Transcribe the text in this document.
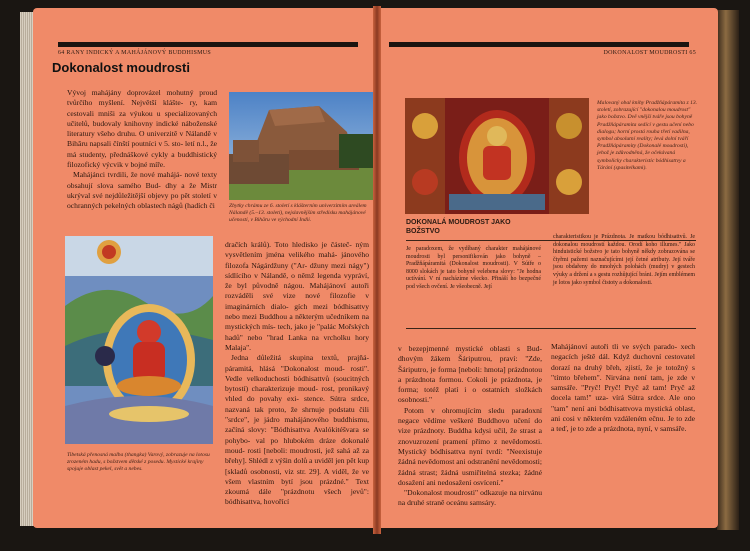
64 RANY INDICKÝ A MAHÁJÁNOVÝ BUDDHISMUS
Dokonalost moudrosti

Vývoj mahájány doprovázel mohutný proud tvůrčího myšlení. Největší klášte- ry, kam cestovali mniši za výukou u specializovaných učitelů, budovaly knihovny indické náboženské literatury všeho druhu. O univerzitě v Nálandě v Bihāru napsali čínští poutníci v 5. sto- letí n.l., že má studenty, přednáškové cykly a buddhistický filozofický výcvik v bojné míře.

Mahájánci tvrdili, že nové mahájá- nové texty obsahují slova samého Bud- dhy a že Mistr ukrýval své nejdůležitější objevy po pět století v ochranných pekelných oblastech nágů (hadích či	Zbytky chrámu ze 6. století s klášterním univerzitním areálem Nálandě (5.–13. století), nejslavnějším středisku mahájánové učenosti, v Bihāru ve východní Indii.
Tibetská přenosná malba (thangka) Varový, zobrazuje na lotosu zrozeném hadu, s božstvem dětské z posedu. Mystické krajiny spojuje oblast pekel, svět a nebes.

dračích králů). Toto hledisko je částeč- ným vysvětlením jména velikého mahá- jánového filozofa Nágárdžuny ("Ar- džuny mezi nágy") sídlícího v Nálandě, o němž legenda vypráví, že byl původně nágou. Mahájánoví autoři rozváděli své vize nové filozofie v imaginárních dialo- gích mezi bódhisattvy nebo mezi Buddhou a některým učedníkem na mystických mís- tech, jako je "palác Mořských hadů" nebo "hrad Lanka na vrcholku hory Malaja".

Jedna důležitá skupina textů, prajňá- páramitá, hlásá "Dokonalost moud- rosti". Vedle velkoduchosti bódhisattvů (soucitných bytostí) charakterizuje moud- rost, pronikavý vhled do povahy exi- stence. Sútra srdce, nazvaná tak proto, že shrnuje podstatu čili "srdce", je jádro mahájánového buddhismu, začíná slovy: "Bódhisattva Avalókitéšvara se pohybo- val po hlubokém dráze dokonalé moud- rosti [neboli: moudrosti, jež sahá až za břehy]. Shlédl z výšin dolů a uviděl jen pět kup [skladů osobnosti, viz str. 29]. A viděl, že ve všem vlastním bytí jsou prázdné." Text zkoumá dále "prázdnotu všech jevů": bódhisattva, hovořící

DOKONALOST MOUDROSTI 65
Malovaný obal knihy Pradžňápáramita z 13. století, zobrazující "dokonalou moudrost" jako božstvo. Dvě vnější tváře jsou bohyně Pradžňápáramita sedící v gestu učení nebo dialogu; horní prostá rouha třetí vadilna, symbol absolutní reality; levá dolní tváří Pradžňápáramity (Dokonalé moudrosti), jehož je zdůvodněná, že očekávaná symbolicky charakteristic bódhisattvy a Tárání (spasitelkami).
DOKONALÁ MOUDROST JAKO BOŽSTVO
Je paradoxem, že vydíbaný charakter mahájánové moudrosti byl personifikován jako bohyně – Pradžňápáramitá (Dokonalost moudrosti). V Sútře o 8000 slokách je tato bohyně velebena slovy: "Je hodna uctívání. V ní nacházíme všecko. Přináší ho bezpečné pod všech ovčení. Je všeobecně. Její
charakteristikou je Prázdnota. Je matkou bódhisattvů. Je dokonalou moudrostí každou. Orodí koho illumes." Jako hinduistické božstvo je tato bohyně někdy zobrazována se čtyřmi pažemi naznačujícími její četné atributy. Její tváře jsou obdařeny do mnohých polohách (mudry) v gestech výuky a držení a s gestu rozhůjující bráni. Jejím emblémem je lotos jako symbol čistoty a dokonalosti.

v bezepjmenné mystické oblasti s Bud- dhovým žákem Šáriputrou, praví: "Zde, Šáriputro, je forma [neboli: hmota] prázdnotou a prázdnota formou. Cokoli je prázdnota, je forma; totéž platí i o ostatních složkách osobnosti."

Potom v ohromujícím sledu paradoxní negace vědíme veškeré Buddhovo učení do vize prázdnoty. Buddha kdysi učil, že strast a znovuzrození pramení přímo z nevědomosti. Mystický bódhisattva nyní tvrdí: "Neexistuje žádná nevědomost ani odstranění nevědomosti; žádná strast; žádná usmiřitelná stezka; žádné dosažení ani nedosažení osvícení."

"Dokonalost moudrosti" odkazuje na nirvánu na druhé straně oceánu samsáry.

Mahájánoví autoři tli ve svých parado- xech negacích ještě dál. Když duchovní cestovatel dorazí na druhý břeh, zjistí, že je totožný s "tímto břehem". Nirvána není tam, je zde v samsáře. "Pryč! Pryč! Pryč až tam! Pryč až docela tam!" uza- vírá Sútra srdce. Ale ono "tam" není ani bódhisattvova mystická oblast, ani cosi v některém vzdáleném ečnu. Je to zde a teď, je to zde a prázdnota, nyní, v samsáře.
